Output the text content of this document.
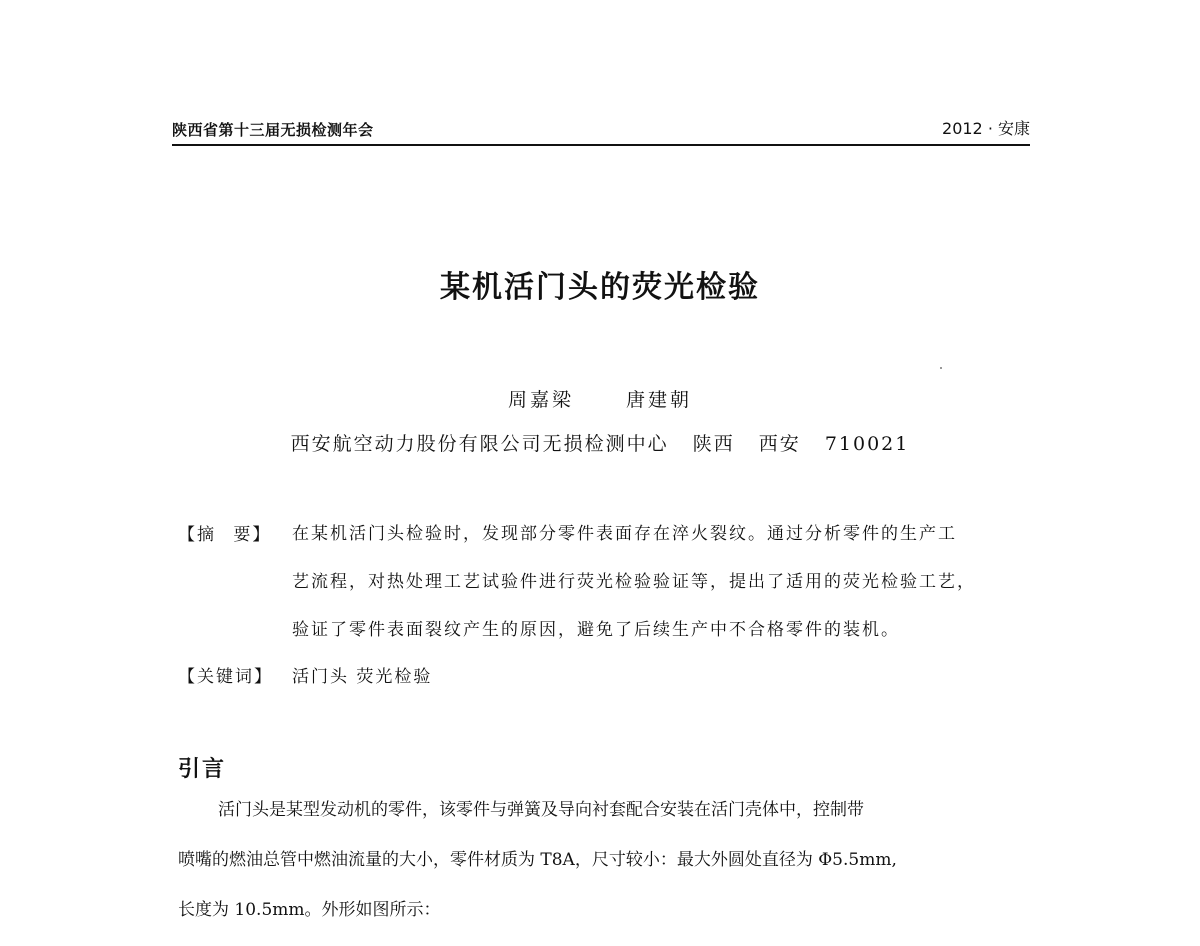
陕西省第十三届无损检测年会	2012 · 安康
某机活门头的荧光检验
周嘉梁	唐建朝
西安航空动力股份有限公司无损检测中心 陕西 西安 710021
【摘 要】	在某机活门头检验时，发现部分零件表面存在淬火裂纹。通过分析零件的生产工
艺流程，对热处理工艺试验件进行荧光检验验证等，提出了适用的荧光检验工艺，
验证了零件表面裂纹产生的原因，避免了后续生产中不合格零件的装机。
【关键词】 活门头 荧光检验
引言
活门头是某型发动机的零件，该零件与弹簧及导向衬套配合安装在活门壳体中，控制带
喷嘴的燃油总管中燃油流量的大小，零件材质为 T8A，尺寸较小：最大外圆处直径为 Φ5.5mm,
长度为 10.5mm。外形如图所示：
